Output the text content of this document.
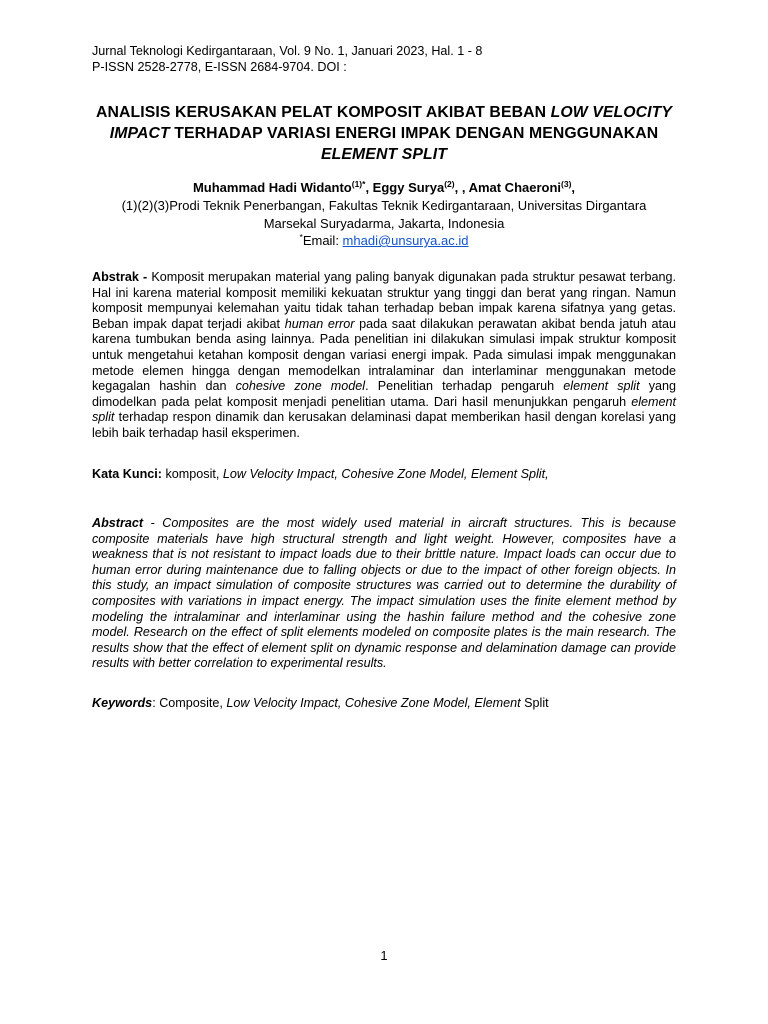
Jurnal Teknologi Kedirgantaraan, Vol. 9 No. 1, Januari 2023, Hal. 1 - 8
P-ISSN 2528-2778, E-ISSN 2684-9704. DOI :
ANALISIS KERUSAKAN PELAT KOMPOSIT AKIBAT BEBAN LOW VELOCITY IMPACT TERHADAP VARIASI ENERGI IMPAK DENGAN MENGGUNAKAN ELEMENT SPLIT
Muhammad Hadi Widanto$^{(1)*}$, Eggy Surya$^{(2)}$, , Amat Chaeroni$^{(3)}$,
(1)(2)(3)Prodi Teknik Penerbangan, Fakultas Teknik Kedirgantaraan, Universitas Dirgantara
Marsekal Suryadarma, Jakarta, Indonesia
*Email: mhadi@unsurya.ac.id
Abstrak - Komposit merupakan material yang paling banyak digunakan pada struktur pesawat terbang. Hal ini karena material komposit memiliki kekuatan struktur yang tinggi dan berat yang ringan. Namun komposit mempunyai kelemahan yaitu tidak tahan terhadap beban impak karena sifatnya yang getas. Beban impak dapat terjadi akibat human error pada saat dilakukan perawatan akibat benda jatuh atau karena tumbukan benda asing lainnya. Pada penelitian ini dilakukan simulasi impak struktur komposit untuk mengetahui ketahan komposit dengan variasi energi impak. Pada simulasi impak menggunakan metode elemen hingga dengan memodelkan intralaminar dan interlaminar menggunakan metode kegagalan hashin dan cohesive zone model. Penelitian terhadap pengaruh element split yang dimodelkan pada pelat komposit menjadi penelitian utama. Dari hasil menunjukkan pengaruh element split terhadap respon dinamik dan kerusakan delaminasi dapat memberikan hasil dengan korelasi yang lebih baik terhadap hasil eksperimen.
Kata Kunci: komposit, Low Velocity Impact, Cohesive Zone Model, Element Split,
Abstract - Composites are the most widely used material in aircraft structures. This is because composite materials have high structural strength and light weight. However, composites have a weakness that is not resistant to impact loads due to their brittle nature. Impact loads can occur due to human error during maintenance due to falling objects or due to the impact of other foreign objects. In this study, an impact simulation of composite structures was carried out to determine the durability of composites with variations in impact energy. The impact simulation uses the finite element method by modeling the intralaminar and interlaminar using the hashin failure method and the cohesive zone model. Research on the effect of split elements modeled on composite plates is the main research. The results show that the effect of element split on dynamic response and delamination damage can provide results with better correlation to experimental results.
Keywords: Composite, Low Velocity Impact, Cohesive Zone Model, Element Split
1
